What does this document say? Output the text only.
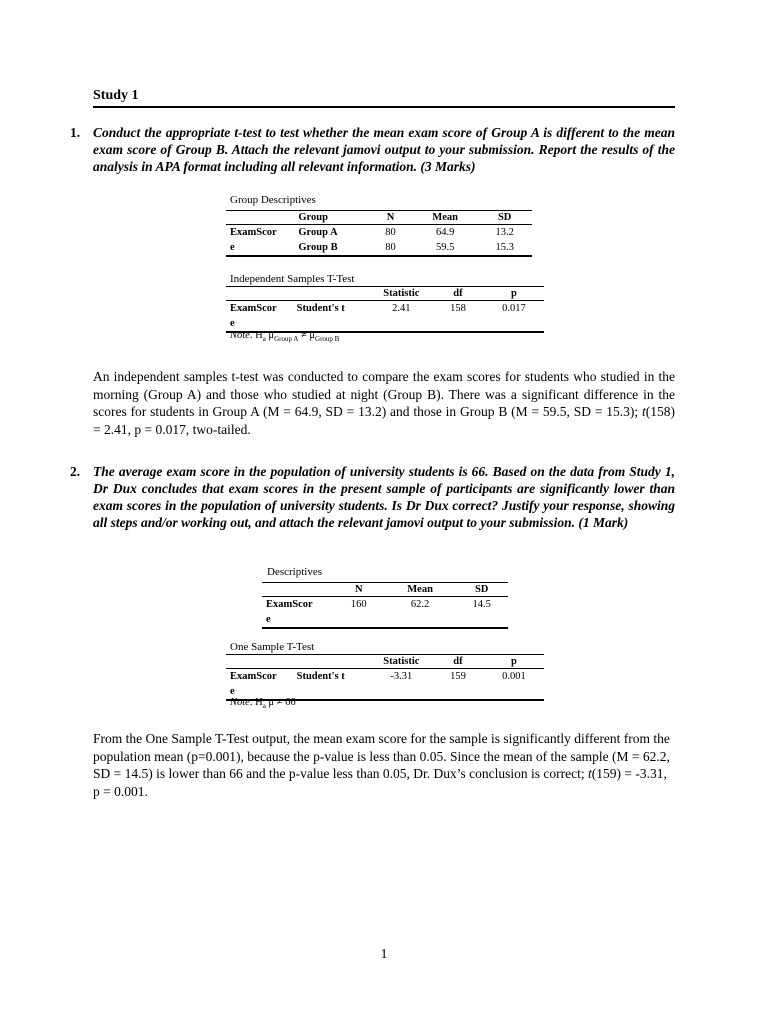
Study 1
1. Conduct the appropriate t-test to test whether the mean exam score of Group A is different to the mean exam score of Group B. Attach the relevant jamovi output to your submission. Report the results of the analysis in APA format including all relevant information. (3 Marks)
Group Descriptives
	Group	N	Mean	SD
ExamScor	Group A	80	64.9	13.2
e	Group B	80	59.5	15.3
Independent Samples T-Test
		Statistic	df	p
ExamScor
e	Student's t	2.41	158	0.017
Note. $H_a$ $\mu_{Group A} \ne \mu_{Group B}$
An independent samples t-test was conducted to compare the exam scores for students who studied in the morning (Group A) and those who studied at night (Group B). There was a significant difference in the scores for students in Group A (M = 64.9, SD = 13.2) and those in Group B (M = 59.5, SD = 15.3); t(158) = 2.41, p = 0.017, two-tailed.
2. The average exam score in the population of university students is 66. Based on the data from Study 1, Dr Dux concludes that exam scores in the present sample of participants are significantly lower than exam scores in the population of university students. Is Dr Dux correct? Justify your response, showing all steps and/or working out, and attach the relevant jamovi output to your submission. (1 Mark)
Descriptives
	N	Mean	SD
ExamScor
e	160	62.2	14.5
One Sample T-Test
		Statistic	df	p
ExamScor
e	Student's t	-3.31	159	0.001
Note. $H_a$ μ ≠ 66
From the One Sample T-Test output, the mean exam score for the sample is significantly different from the population mean (p=0.001), because the p-value is less than 0.05. Since the mean of the sample (M = 62.2, SD = 14.5) is lower than 66 and the p-value less than 0.05, Dr. Dux’s conclusion is correct; t(159) = -3.31, p = 0.001.
1
